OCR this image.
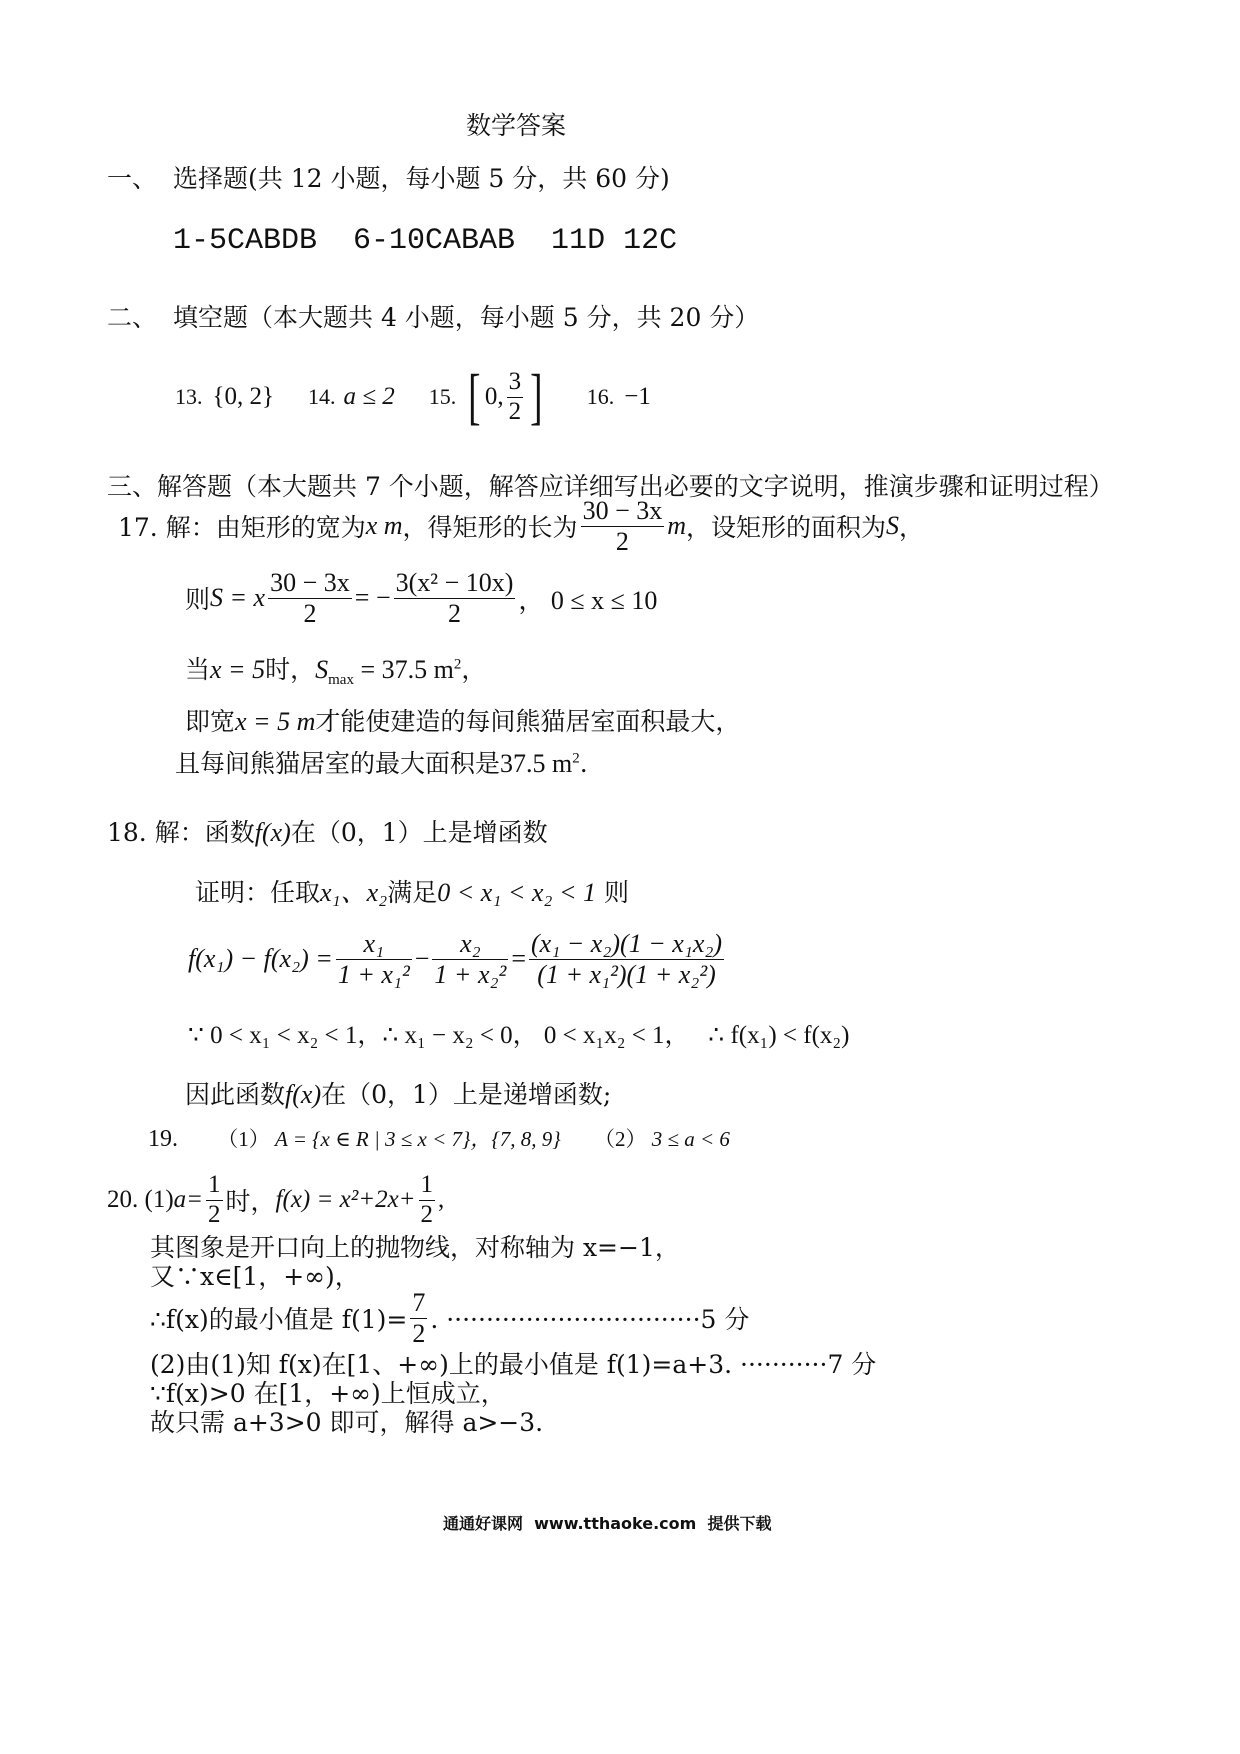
数学答案
一、 选择题(共 12 小题，每小题 5 分，共 60 分)
1-5CABDB  6-10CABAB  11D 12C
二、 填空题（本大题共 4 小题，每小题 5 分，共 20 分）
13. {0, 2} 14. a ≤ 2 15. [ 0, $\frac{3}{2}$ ] 16. −1
三、解答题（本大题共 7 个小题，解答应详细写出必要的文字说明，推演步骤和证明过程）
17. 解：由矩形的宽为 x m ，得矩形的长为 $\frac{30 - 3x}{2}$ m ，设矩形的面积为 S ，
则 S = x $\frac{30 - 3x}{2}$ = − $\frac{\text{3(x² − 10x)}}{2}$ ， 0 ≤ x ≤ 10
当x = 5时，$S_{max} = 37.5$ $m^2$，
即宽x = 5 m才能使建造的每间熊猫居室面积最大，
且每间熊猫居室的最大面积是37.5 $m^2$.
18. 解：函数f(x)在（0，1）上是增函数
证明：任取x₁、x₂满足0 < x₁ < x₂ < 1 则
$f(x_1) - f(x_2) = \frac{\text{x₁}}{\text{1 + x₁²}} - \frac{\text{x₂}}{\text{1 + x₂²}} = \frac{\text{(x₁ − x₂)(1 − x₁x₂)}}{\text{(1 + x₁²)(1 + x₂²)}}$
∵ 0 < x₁ < x₂ < 1，∴ x₁ − x₂ < 0， 0 < x₁x₂ < 1，   ∴ f(x₁) < f(x₂)
因此函数f(x)在（0，1）上是递增函数;
19. （1） A = {x ∈ R | 3 ≤ x < 7}，{7, 8, 9} （2） 3 ≤ a < 6
20. (1) $a= \frac{1}{2}$ 时， $f(x) = x^2+2x+ \frac{1}{2}$ ,
其图象是开口向上的抛物线，对称轴为 x=−1，
又∵x∈[1，+∞)，
∴f(x)的最小值是 $f(1)= \frac{7}{2}$ . ································5 分
(2)由(1)知 f(x)在[1、+∞)上的最小值是 f(1)=a+3. ···········7 分
∵f(x)>0 在[1，+∞)上恒成立，
故只需 a+3>0 即可，解得 a>−3.
通通好课网  www.tthaoke.com  提供下载
